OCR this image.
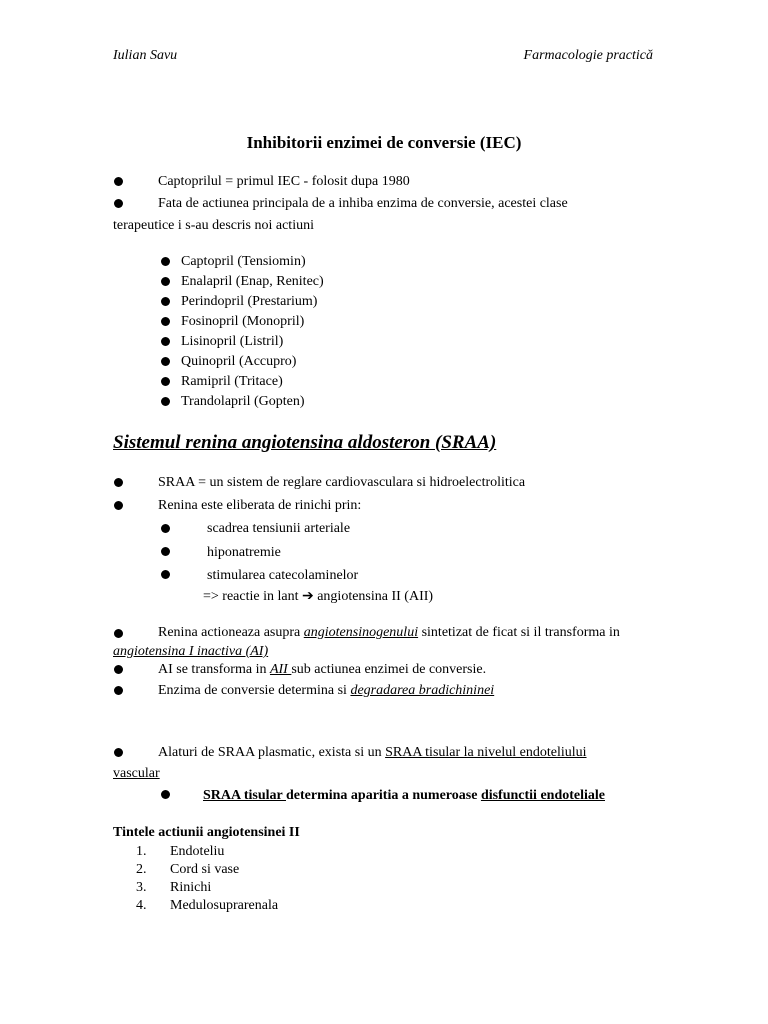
Iulian Savu	Farmacologie practică
Inhibitorii enzimei de conversie (IEC)
Captoprilul = primul IEC - folosit dupa 1980
Fata de actiunea principala de a inhiba enzima de conversie, acestei clase
terapeutice i s-au descris noi actiuni
Captopril (Tensiomin)
Enalapril (Enap, Renitec)
Perindopril (Prestarium)
Fosinopril (Monopril)
Lisinopril (Listril)
Quinopril (Accupro)
Ramipril (Tritace)
Trandolapril (Gopten)
Sistemul renina angiotensina aldosteron (SRAA)
SRAA = un sistem de reglare cardiovasculara si hidroelectrolitica
Renina este eliberata de rinichi prin:
scadrea tensiunii arteriale
hiponatremie
stimularea catecolaminelor
=> reactie in lant ➔ angiotensina II (AII)
Renina actioneaza asupra angiotensinogenului sintetizat de ficat si il transforma in
angiotensina I inactiva (AI)
AI se transforma in AII sub actiunea enzimei de conversie.
Enzima de conversie determina si degradarea bradichininei
Alaturi de SRAA plasmatic, exista si un SRAA tisular la nivelul endoteliului
vascular
SRAA tisular determina aparitia a numeroase disfunctii endoteliale
Tintele actiunii angiotensinei II
1. Endoteliu
2. Cord si vase
3. Rinichi
4. Medulosuprarenala
